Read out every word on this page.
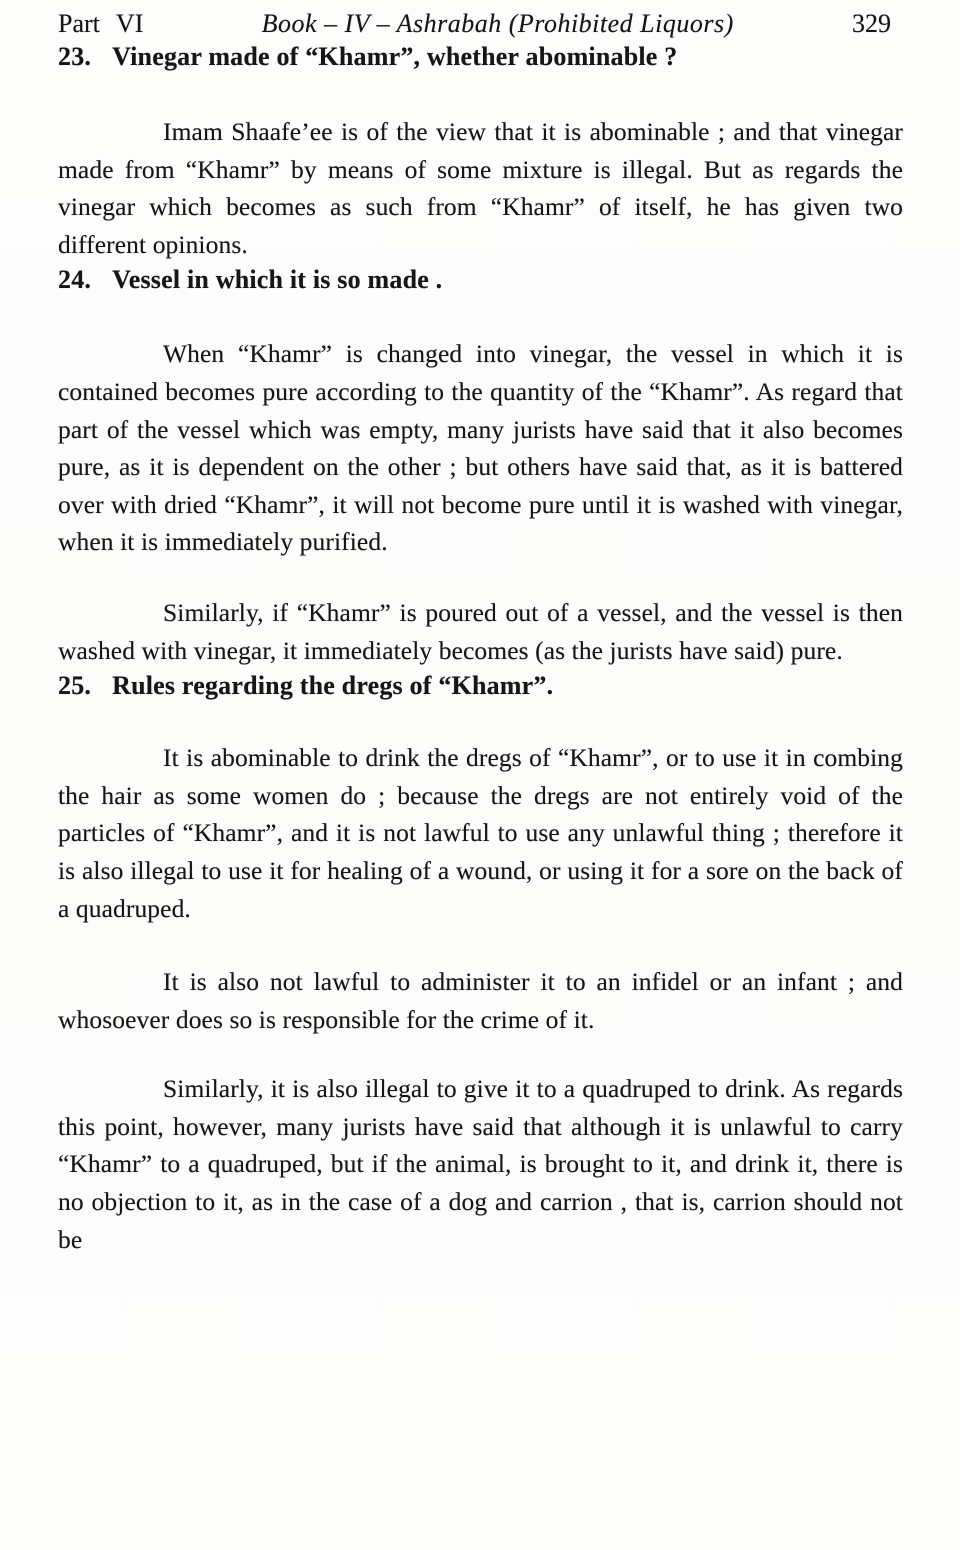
Part VI	Book – IV – Ashrabah (Prohibited Liquors)	329
23. Vinegar made of “Khamr”, whether abominable ?

Imam Shaafe’ee is of the view that it is abominable ; and that vinegar made from “Khamr” by means of some mixture is illegal. But as regards the vinegar which becomes as such from “Khamr” of itself, he has given two different opinions.

24. Vessel in which it is so made .

When “Khamr” is changed into vinegar, the vessel in which it is contained becomes pure according to the quantity of the “Khamr”. As regard that part of the vessel which was empty, many jurists have said that it also becomes pure, as it is dependent on the other ; but others have said that, as it is battered over with dried “Khamr”, it will not become pure until it is washed with vinegar, when it is immediately purified.

Similarly, if “Khamr” is poured out of a vessel, and the vessel is then washed with vinegar, it immediately becomes (as the jurists have said) pure.

25. Rules regarding the dregs of “Khamr”.

It is abominable to drink the dregs of “Khamr”, or to use it in combing the hair as some women do ; because the dregs are not entirely void of the particles of “Khamr”, and it is not lawful to use any unlawful thing ; therefore it is also illegal to use it for healing of a wound, or using it for a sore on the back of a quadruped.

It is also not lawful to administer it to an infidel or an infant ; and whosoever does so is responsible for the crime of it.

Similarly, it is also illegal to give it to a quadruped to drink. As regards this point, however, many jurists have said that although it is unlawful to carry “Khamr” to a quadruped, but if the animal, is brought to it, and drink it, there is no objection to it, as in the case of a dog and carrion , that is, carrion should not be
